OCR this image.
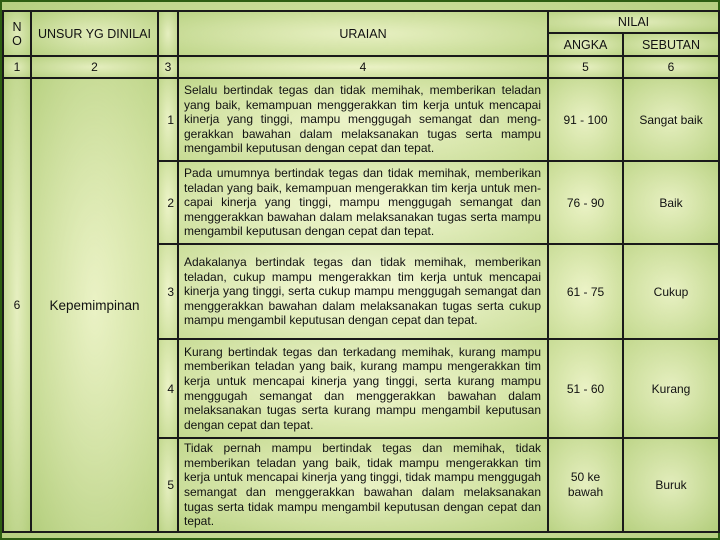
N O	UNSUR YG DINILAI		URAIAN	NILAI	
				ANGKA	SEBUTAN
1	2	3	4	5	6
6	Kepemimpinan	1	Selalu bertindak tegas dan tidak memihak, memberikan teladan yang baik, kemampuan menggerakkan tim kerja untuk mencapai kinerja yang tinggi, mampu menggugah semangat dan meng-gerakkan bawahan dalam melaksanakan tugas serta mampu mengambil keputusan dengan cepat dan tepat.	91 - 100	Sangat baik
		2	Pada umumnya bertindak tegas dan tidak memihak, memberikan teladan yang baik, kemampuan mengerakkan tim kerja untuk men-capai kinerja yang tinggi, mampu menggugah semangat dan menggerakkan bawahan dalam melaksanakan tugas serta mampu mengambil keputusan dengan cepat dan tepat.	76 - 90	Baik
		3	Adakalanya bertindak tegas dan tidak memihak, memberikan teladan, cukup mampu mengerakkan tim kerja untuk mencapai kinerja yang tinggi, serta cukup mampu menggugah semangat dan menggerakkan bawahan dalam melaksanakan tugas serta cukup mampu mengambil keputusan dengan cepat dan tepat.	61 - 75	Cukup
		4	Kurang bertindak tegas dan terkadang memihak, kurang mampu memberikan teladan yang baik, kurang mampu mengerakkan tim kerja untuk mencapai kinerja yang tinggi, serta kurang mampu menggugah semangat dan menggerakkan bawahan dalam melaksanakan tugas serta kurang mampu mengambil keputusan dengan cepat dan tepat.	51 - 60	Kurang
		5	Tidak pernah mampu bertindak tegas dan memihak, tidak memberikan teladan yang baik, tidak mampu mengerakkan tim kerja untuk mencapai kinerja yang tinggi, tidak mampu menggugah semangat dan menggerakkan bawahan dalam melaksanakan tugas serta tidak mampu mengambil keputusan dengan cepat dan tepat.	50 ke bawah	Buruk
